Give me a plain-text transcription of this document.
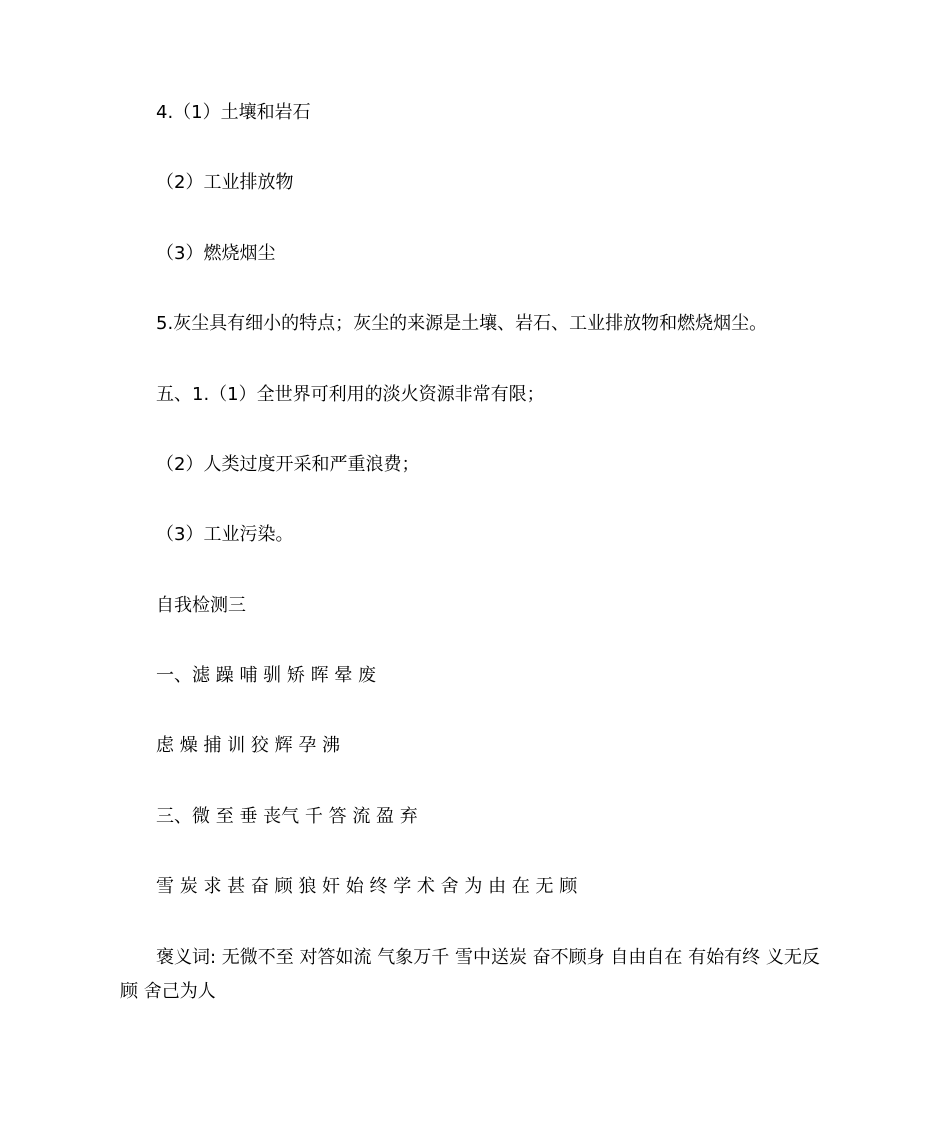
4.（1）土壤和岩石
（2）工业排放物
（3）燃烧烟尘
5.灰尘具有细小的特点；灰尘的来源是土壤、岩石、工业排放物和燃烧烟尘。
五、1.（1）全世界可利用的淡火资源非常有限；
（2）人类过度开采和严重浪费；
（3）工业污染。
自我检测三
一、滤 躁 哺 驯 矫 晖 晕 废
虑 燥 捕 训 狡 辉 孕 沸
三、微 至 垂 丧气 千 答 流 盈 弃
雪 炭 求 甚 奋 顾 狼 奸 始 终 学 术 舍 为 由 在 无 顾
褒义词: 无微不至 对答如流 气象万千 雪中送炭 奋不顾身 自由自在 有始有终 义无反顾 舍己为人
